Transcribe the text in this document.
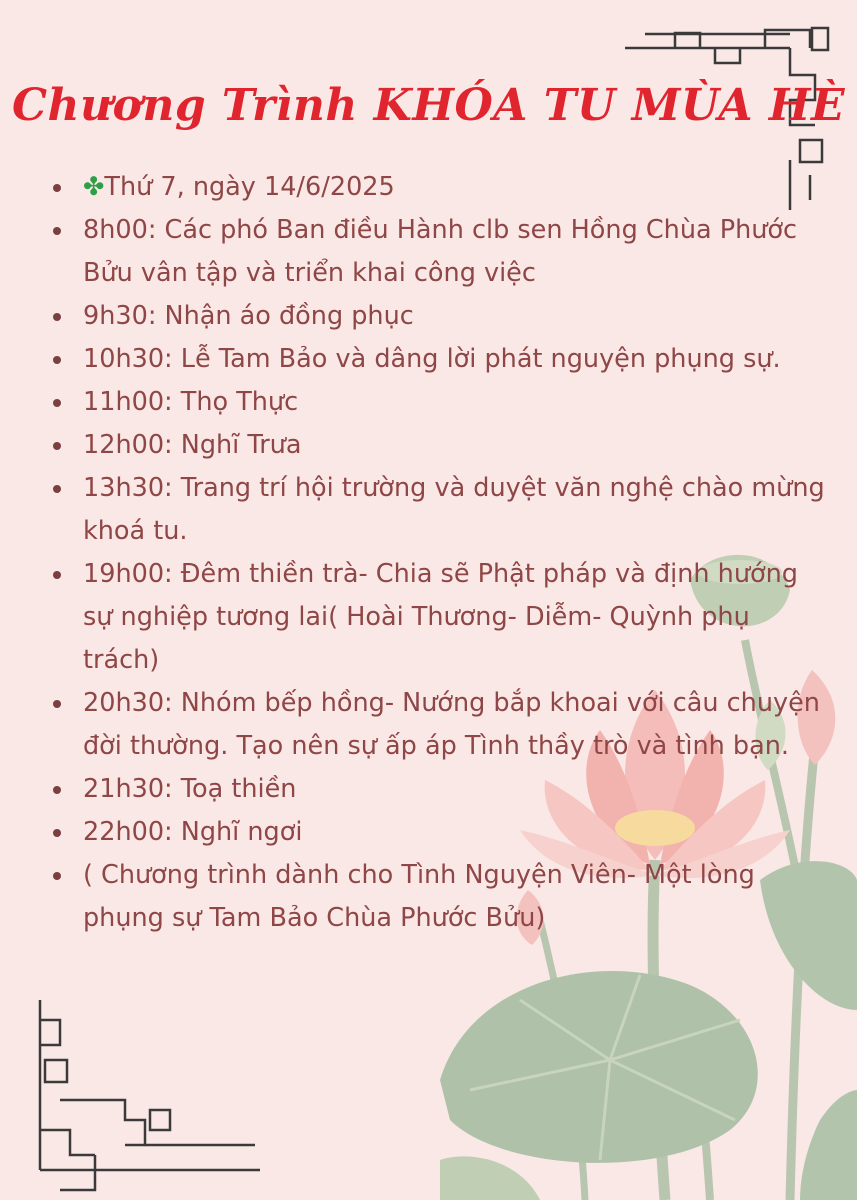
Chương Trình KHÓA TU MÙA HÈ
✤Thứ 7, ngày 14/6/2025
8h00: Các phó Ban điều Hành clb sen Hồng Chùa Phước Bửu vân tập và triển khai công việc
9h30: Nhận áo đồng phục
10h30: Lễ Tam Bảo và dâng lời phát nguyện phụng sự.
11h00: Thọ Thực
12h00: Nghĩ Trưa
13h30: Trang trí hội trường và duyệt văn nghệ chào mừng khoá tu.
19h00: Đêm thiền trà- Chia sẽ Phật pháp và định hướng sự nghiệp tương lai( Hoài Thương- Diễm- Quỳnh phụ trách)
20h30: Nhóm bếp hồng- Nướng bắp khoai với câu chuyện đời thường. Tạo nên sự ấp áp Tình thầy trò và tình bạn.
21h30: Toạ thiền
22h00: Nghĩ ngơi
( Chương trình dành cho Tình Nguyện Viên- Một lòng phụng sự Tam Bảo Chùa Phước Bửu)
